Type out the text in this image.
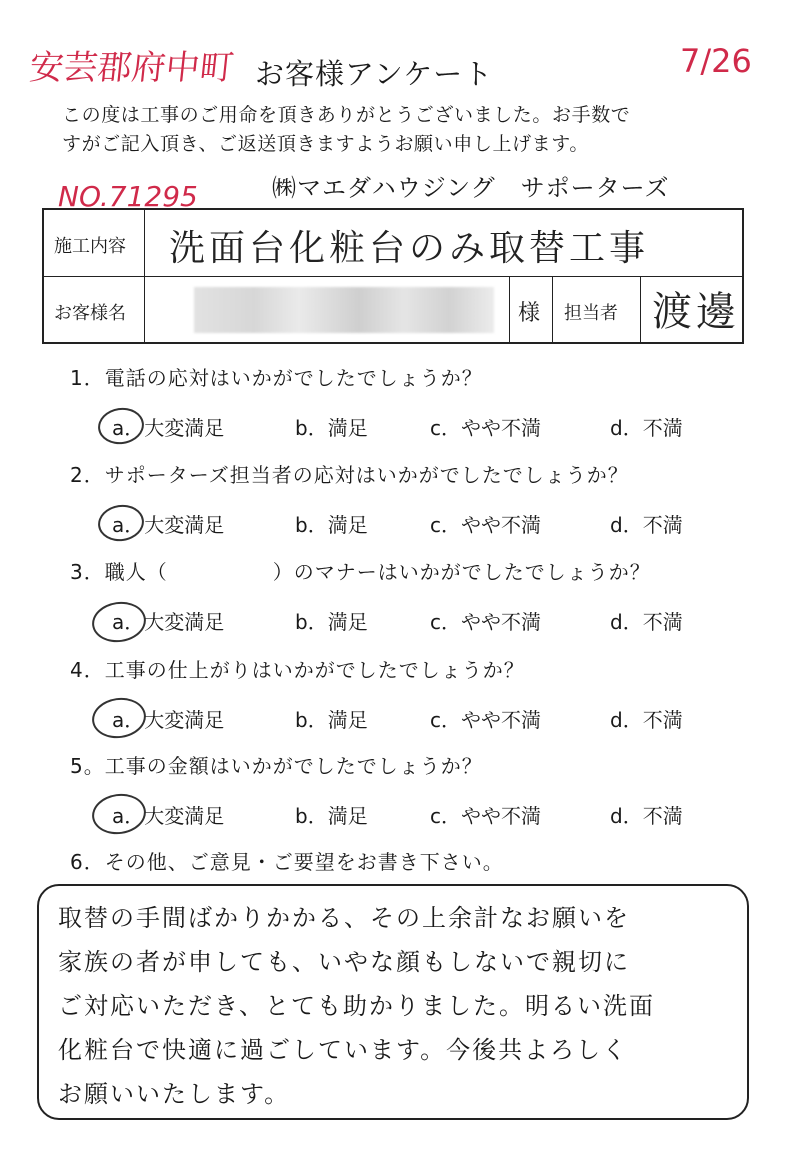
安芸郡府中町 お客様アンケート	7/26
この度は工事のご用命を頂きありがとうございました。お手数で
すがご記入頂き、ご返送頂きますようお願い申し上げます。
NO.71295	㈱マエダハウジング　サポーターズ
施工内容 洗面台化粧台のみ取替工事
お客様名	様 担当者 渡邊
1．電話の応対はいかがでしたでしょうか？
a．大変満足	b．満足	c．やや不満	d．不満
2．サポーターズ担当者の応対はいかがでしたでしょうか？
a．大変満足	b．満足	c．やや不満	d．不満
3．職人（　　　　　）のマナーはいかがでしたでしょうか？
a．大変満足	b．満足	c．やや不満	d．不満
4．工事の仕上がりはいかがでしたでしょうか？
a．大変満足	b．満足	c．やや不満	d．不満
5。工事の金額はいかがでしたでしょうか？
a．大変満足	b．満足	c．やや不満	d．不満
6．その他、ご意見・ご要望をお書き下さい。
取替の手間ばかりかかる、その上余計なお願いを
家族の者が申しても、いやな顔もしないで親切に
ご対応いただき、とても助かりました。明るい洗面
化粧台で快適に過ごしています。今後共よろしく
お願いいたします。
